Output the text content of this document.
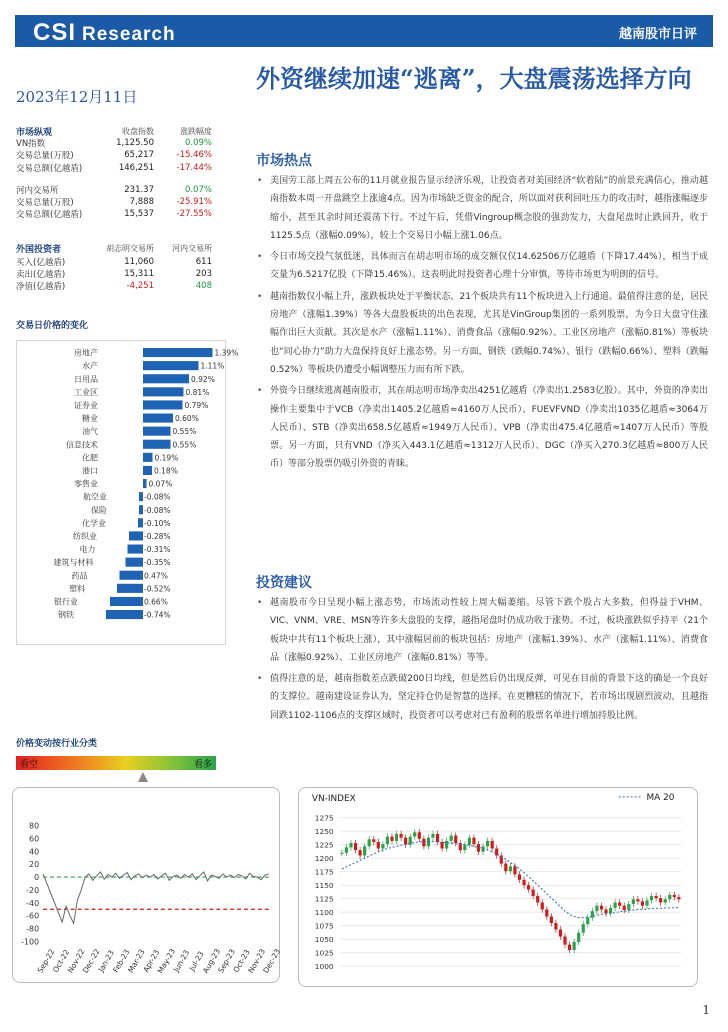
CSI Research	越南股市日评
2023年12月11日
外资继续加速“逃离”，大盘震荡选择方向
市场纵观	收盘指数	涨跌幅度
VN指数	1,125.50	0.09%
交易总量(万股)	65,217	-15.46%
交易总额(亿越盾)	146,251	-17.44%
河内交易所	231.37	0.07%
交易总量(万股)	7,888	-25.91%
交易总额(亿越盾)	15,537	-27.55%
外国投资者	胡志明交易所	河内交易所
买入(亿越盾)	11,060	611
卖出(亿越盾)	15,311	203
净值(亿越盾)	-4,251	408
交易日价格的变化
房地产	1.39%
水产	1.11%
日用品	0.92%
工业区	0.81%
证券业	0.79%
糖业	0.60%
油气	0.55%
信息技术	0.55%
化肥	0.19%
港口	0.18%
零售业	0.07%
航空业	-0.08%
保险	-0.08%
化学业	-0.10%
纺织业	-0.28%
电力	-0.31%
建筑与材料	-0.35%
药品	0.47%
塑料	-0.52%
银行业	0.66%
钢铁	-0.74%
价格变动按行业分类
看空	看多
80
60
40
20
0
-20
-40
-60
-80
-100
Sep-22
Oct-22
Nov-22
Dec-22
Jan-23
Feb-23
Mar-23
Apr-23
May-23
Jun-23
Jul-23
Aug-23
Sep-23
Oct-23
Nov-23
Dec-23
VN-INDEX	MA 20
1275
1250
1225
1200
1175
1150
1125
1100
1075
1050
1025
1000
市场热点
• 美国劳工部上周五公布的11月就业报告显示经济乐观，让投资者对美国经济“软着陆”的前景充满信心，推动越南指数本周一开盘跳空上涨逾4点。因为市场缺乏资金的配合，所以面对获利回吐压力的攻击时，越指涨幅逐步缩小，甚至其余时间还震荡下行。不过午后，凭借Vingroup概念股的强劲发力，大盘尾盘时止跌回升，收于1125.5点（涨幅0.09%），较上个交易日小幅上涨1.06点。
• 今日市场交投气氛低迷，具体而言在胡志明市场的成交额仅仅14.62506万亿越盾（下降17.44%），相当于成交量为6.5217亿股（下降15.46%）。这表明此时投资者心理十分审慎，等待市场更为明朗的信号。
• 越南指数仅小幅上升，涨跌板块处于平衡状态，21个板块共有11个板块进入上行通道。最值得注意的是，居民房地产（涨幅1.39%）等各大盘股板块的出色表现，尤其是VinGroup集团的一系列股票，为今日大盘守住涨幅作出巨大贡献。其次是水产（涨幅1.11%）、消费食品（涨幅0.92%）、工业区房地产（涨幅0.81%）等板块也“同心协力”助力大盘保持良好上涨态势。另一方面，钢铁（跌幅0.74%）、银行（跌幅0.66%）、塑料（跌幅0.52%）等板块仍遭受小幅调整压力而有所下跌。
• 外资今日继续逃离越南股市，其在胡志明市场净卖出4251亿越盾（净卖出1.2583亿股）。其中，外资的净卖出操作主要集中于VCB（净卖出1405.2亿越盾≈4160万人民币）、FUEVFVND（净卖出1035亿越盾≈3064万人民币）、STB（净卖出658.5亿越盾≈1949万人民币）、VPB（净卖出475.4亿越盾≈1407万人民币）等股票。另一方面，只有VND（净买入443.1亿越盾≈1312万人民币）、DGC（净买入270.3亿越盾≈800万人民币）等部分股票仍吸引外资的青睐。
投资建议
• 越南股市今日呈现小幅上涨态势，市场流动性较上周大幅萎缩。尽管下跌个股占大多数，但得益于VHM、VIC、VNM、VRE、MSN等许多大盘股的支撑，越指尾盘时仍成功收于涨势。不过，板块涨跌似乎持平（21个板块中共有11个板块上涨），其中涨幅居前的板块包括：房地产（涨幅1.39%）、水产（涨幅1.11%）、消费食品（涨幅0.92%）、工业区房地产（涨幅0.81%）等等。
• 值得注意的是，越南指数差点跌破200日均线，但是然后仍出现反弹，可见在目前的背景下这的确是一个良好的支撑位。越南建设证券认为，坚定持仓仍是智慧的选择。在更糟糕的情况下，若市场出现剧烈波动，且越指回跌1102-1106点的支撑区域时，投资者可以考虑对已有盈利的股票名单进行增加持股比例。
1
